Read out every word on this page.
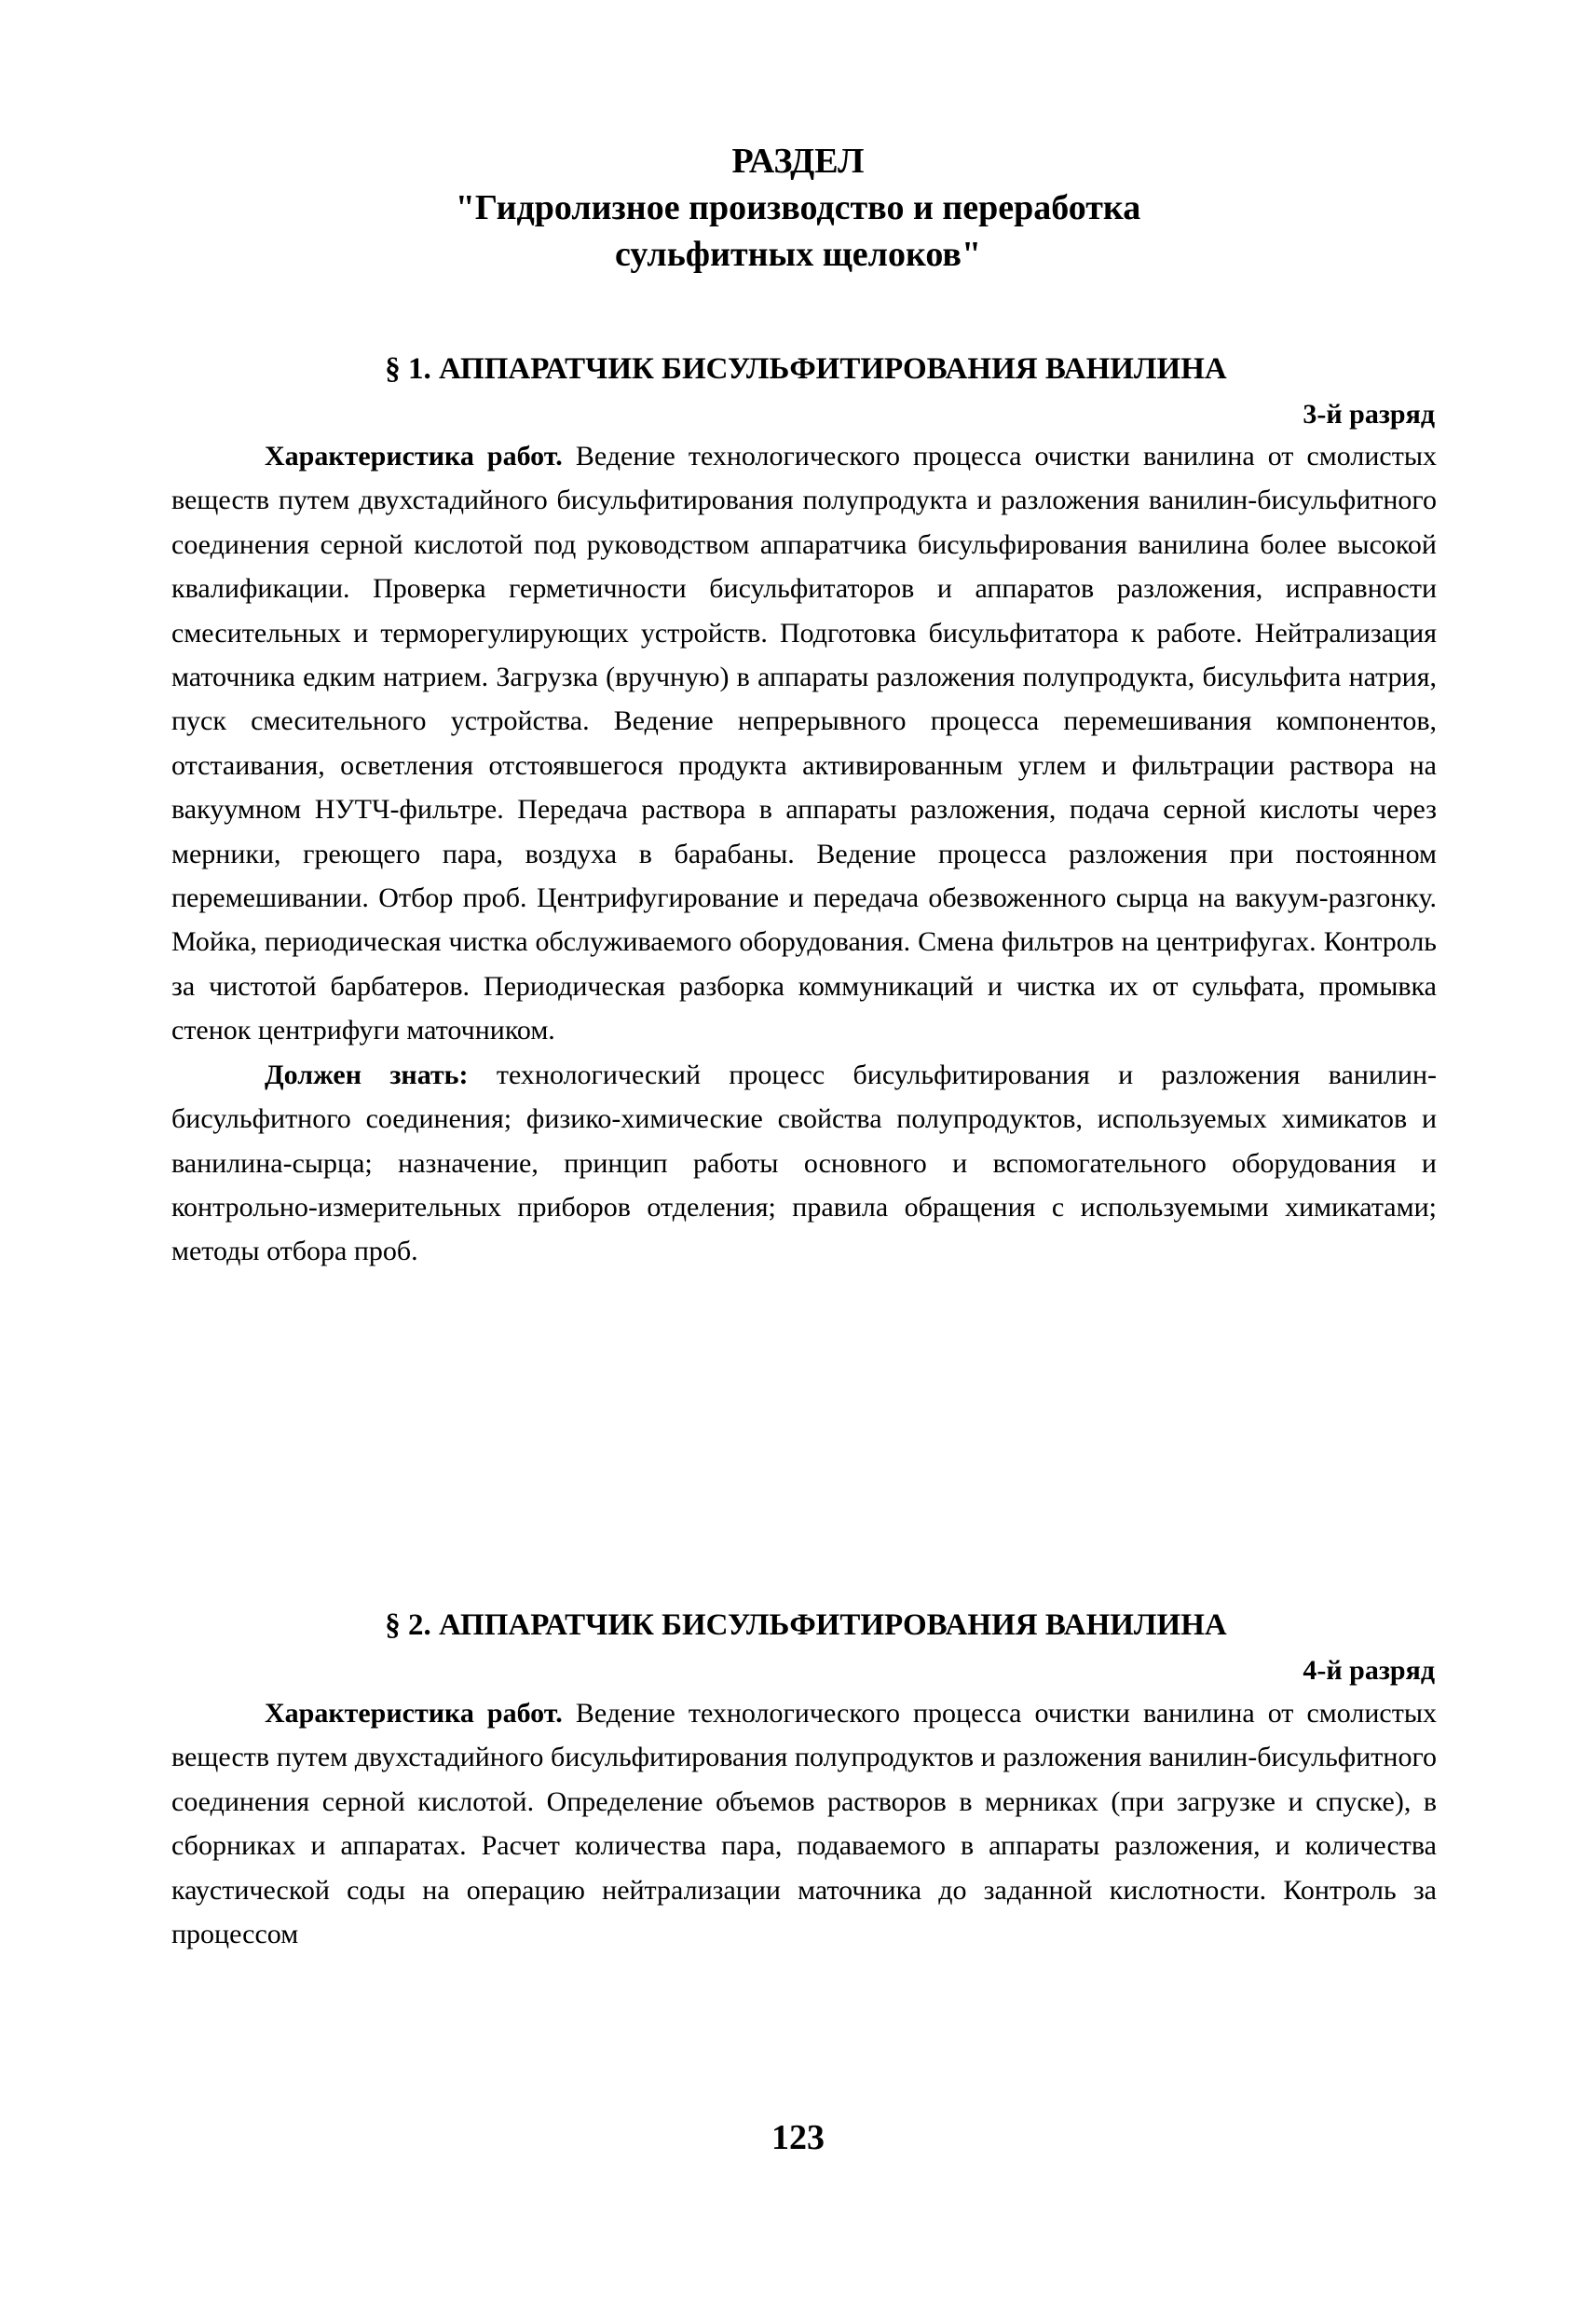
РАЗДЕЛ
"Гидролизное производство и переработка
сульфитных щелоков"
§ 1. АППАРАТЧИК БИСУЛЬФИТИРОВАНИЯ ВАНИЛИНА
3-й разряд

Характеристика работ. Ведение технологического процесса очистки ванилина от смолистых веществ путем двухстадийного бисульфитирования полупродукта и разложения ванилин-бисульфитного соединения серной кислотой под руководством аппаратчика бисульфирования ванилина более высокой квалификации. Проверка герметичности бисульфитаторов и аппаратов разложения, исправности смесительных и терморегулирующих устройств. Подготовка бисульфитатора к работе. Нейтрализация маточника едким натрием. Загрузка (вручную) в аппараты разложения полупродукта, бисульфита натрия, пуск смесительного устройства. Ведение непрерывного процесса перемешивания компонентов, отстаивания, осветления отстоявшегося продукта активированным углем и фильтрации раствора на вакуумном НУТЧ-фильтре. Передача раствора в аппараты разложения, подача серной кислоты через мерники, греющего пара, воздуха в барабаны. Ведение процесса разложения при постоянном перемешивании. Отбор проб. Центрифугирование и передача обезвоженного сырца на вакуум-разгонку. Мойка, периодическая чистка обслуживаемого оборудования. Смена фильтров на центрифугах. Контроль за чистотой барбатеров. Периодическая разборка коммуникаций и чистка их от сульфата, промывка стенок центрифуги маточником.

Должен знать: технологический процесс бисульфитирования и разложения ванилин-бисульфитного соединения; физико-химические свойства полупродуктов, используемых химикатов и ванилина-сырца; назначение, принцип работы основного и вспомогательного оборудования и контрольно-измерительных приборов отделения; правила обращения с используемыми химикатами; методы отбора проб.

§ 2. АППАРАТЧИК БИСУЛЬФИТИРОВАНИЯ ВАНИЛИНА
4-й разряд

Характеристика работ. Ведение технологического процесса очистки ванилина от смолистых веществ путем двухстадийного бисульфитирования полупродуктов и разложения ванилин-бисульфитного соединения серной кислотой. Определение объемов растворов в мерниках (при загрузке и спуске), в сборниках и аппаратах. Расчет количества пара, подаваемого в аппараты разложения, и количества каустической соды на операцию нейтрализации маточника до заданной кислотности. Контроль за процессом

123
